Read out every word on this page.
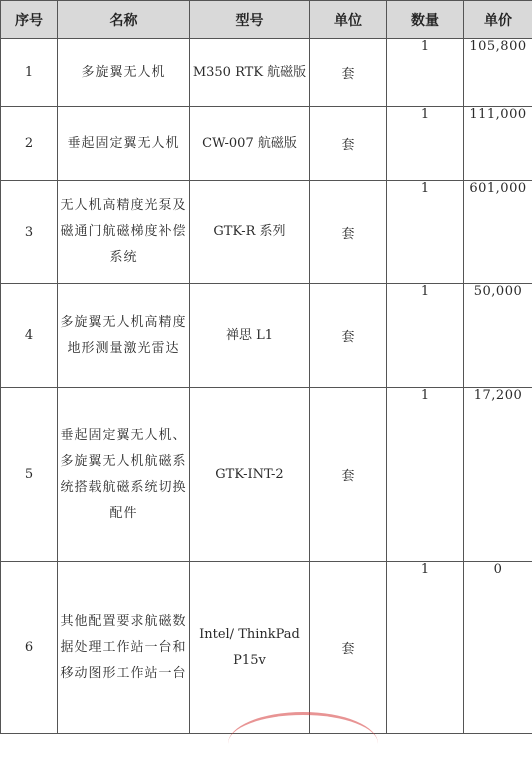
序号	名称	型号	单位	数量	单价
1	多旋翼无人机	M350 RTK 航磁版	套	1	105,800
2	垂起固定翼无人机	CW-007 航磁版	套	1	111,000
3	无人机高精度光泵及磁通门航磁梯度补偿系统	GTK-R 系列	套	1	601,000
4	多旋翼无人机高精度地形测量激光雷达	禅思 L1	套	1	50,000
5	垂起固定翼无人机、多旋翼无人机航磁系统搭载航磁系统切换配件	GTK-INT-2	套	1	17,200
6	其他配置要求航磁数据处理工作站一台和移动图形工作站一台	Intel/ ThinkPad P15v	套	1	0
